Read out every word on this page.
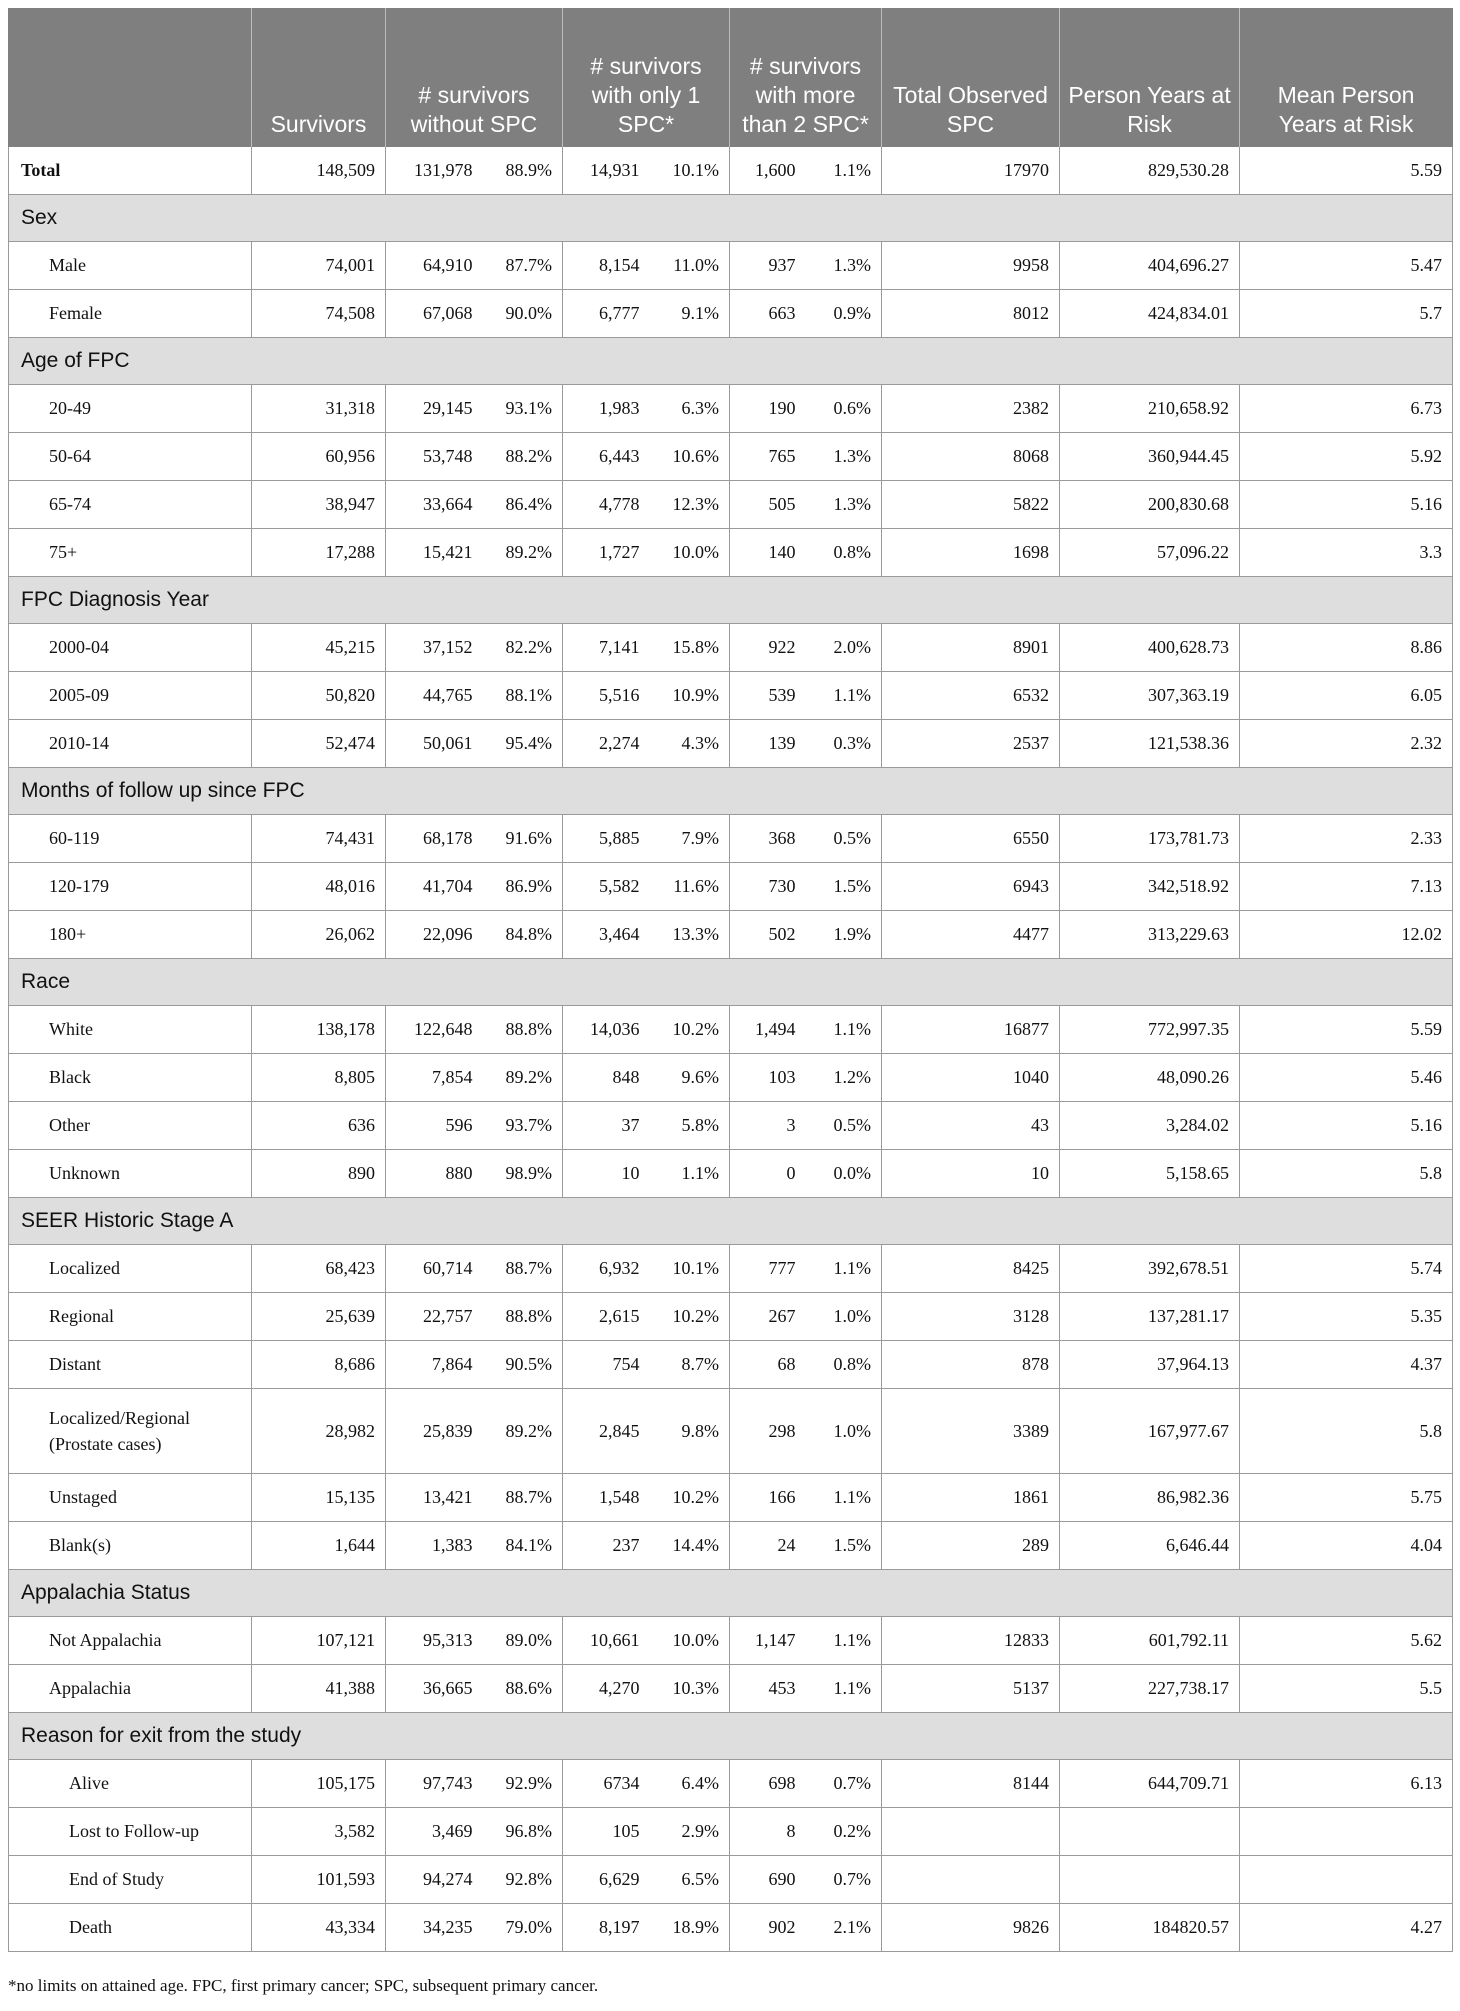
	Survivors	# survivors without SPC		# survivors with only 1 SPC*		# survivors with more than 2 SPC*		Total Observed SPC	Person Years at Risk	Mean Person Years at Risk
Total	148,509	131,978	88.9%	14,931	10.1%	1,600	1.1%	17970	829,530.28	5.59
Sex										
Male	74,001	64,910	87.7%	8,154	11.0%	937	1.3%	9958	404,696.27	5.47
Female	74,508	67,068	90.0%	6,777	9.1%	663	0.9%	8012	424,834.01	5.7
Age of FPC										
20-49	31,318	29,145	93.1%	1,983	6.3%	190	0.6%	2382	210,658.92	6.73
50-64	60,956	53,748	88.2%	6,443	10.6%	765	1.3%	8068	360,944.45	5.92
65-74	38,947	33,664	86.4%	4,778	12.3%	505	1.3%	5822	200,830.68	5.16
75+	17,288	15,421	89.2%	1,727	10.0%	140	0.8%	1698	57,096.22	3.3
FPC Diagnosis Year										
2000-04	45,215	37,152	82.2%	7,141	15.8%	922	2.0%	8901	400,628.73	8.86
2005-09	50,820	44,765	88.1%	5,516	10.9%	539	1.1%	6532	307,363.19	6.05
2010-14	52,474	50,061	95.4%	2,274	4.3%	139	0.3%	2537	121,538.36	2.32
Months of follow up since FPC										
60-119	74,431	68,178	91.6%	5,885	7.9%	368	0.5%	6550	173,781.73	2.33
120-179	48,016	41,704	86.9%	5,582	11.6%	730	1.5%	6943	342,518.92	7.13
180+	26,062	22,096	84.8%	3,464	13.3%	502	1.9%	4477	313,229.63	12.02
Race										
White	138,178	122,648	88.8%	14,036	10.2%	1,494	1.1%	16877	772,997.35	5.59
Black	8,805	7,854	89.2%	848	9.6%	103	1.2%	1040	48,090.26	5.46
Other	636	596	93.7%	37	5.8%	3	0.5%	43	3,284.02	5.16
Unknown	890	880	98.9%	10	1.1%	0	0.0%	10	5,158.65	5.8
SEER Historic Stage A										
Localized	68,423	60,714	88.7%	6,932	10.1%	777	1.1%	8425	392,678.51	5.74
Regional	25,639	22,757	88.8%	2,615	10.2%	267	1.0%	3128	137,281.17	5.35
Distant	8,686	7,864	90.5%	754	8.7%	68	0.8%	878	37,964.13	4.37

Localized/Regional
(Prostate cases)	28,982	25,839	89.2%	2,845	9.8%	298	1.0%	3389	167,977.67	5.8
Unstaged	15,135	13,421	88.7%	1,548	10.2%	166	1.1%	1861	86,982.36	5.75
Blank(s)	1,644	1,383	84.1%	237	14.4%	24	1.5%	289	6,646.44	4.04
Appalachia Status										
Not Appalachia	107,121	95,313	89.0%	10,661	10.0%	1,147	1.1%	12833	601,792.11	5.62
Appalachia	41,388	36,665	88.6%	4,270	10.3%	453	1.1%	5137	227,738.17	5.5
Reason for exit from the study										
Alive	105,175	97,743	92.9%	6734	6.4%	698	0.7%	8144	644,709.71	6.13
Lost to Follow-up	3,582	3,469	96.8%	105	2.9%	8	0.2%			
End of Study	101,593	94,274	92.8%	6,629	6.5%	690	0.7%			
Death	43,334	34,235	79.0%	8,197	18.9%	902	2.1%	9826	184820.57	4.27
*no limits on attained age. FPC, first primary cancer; SPC, subsequent primary cancer.
